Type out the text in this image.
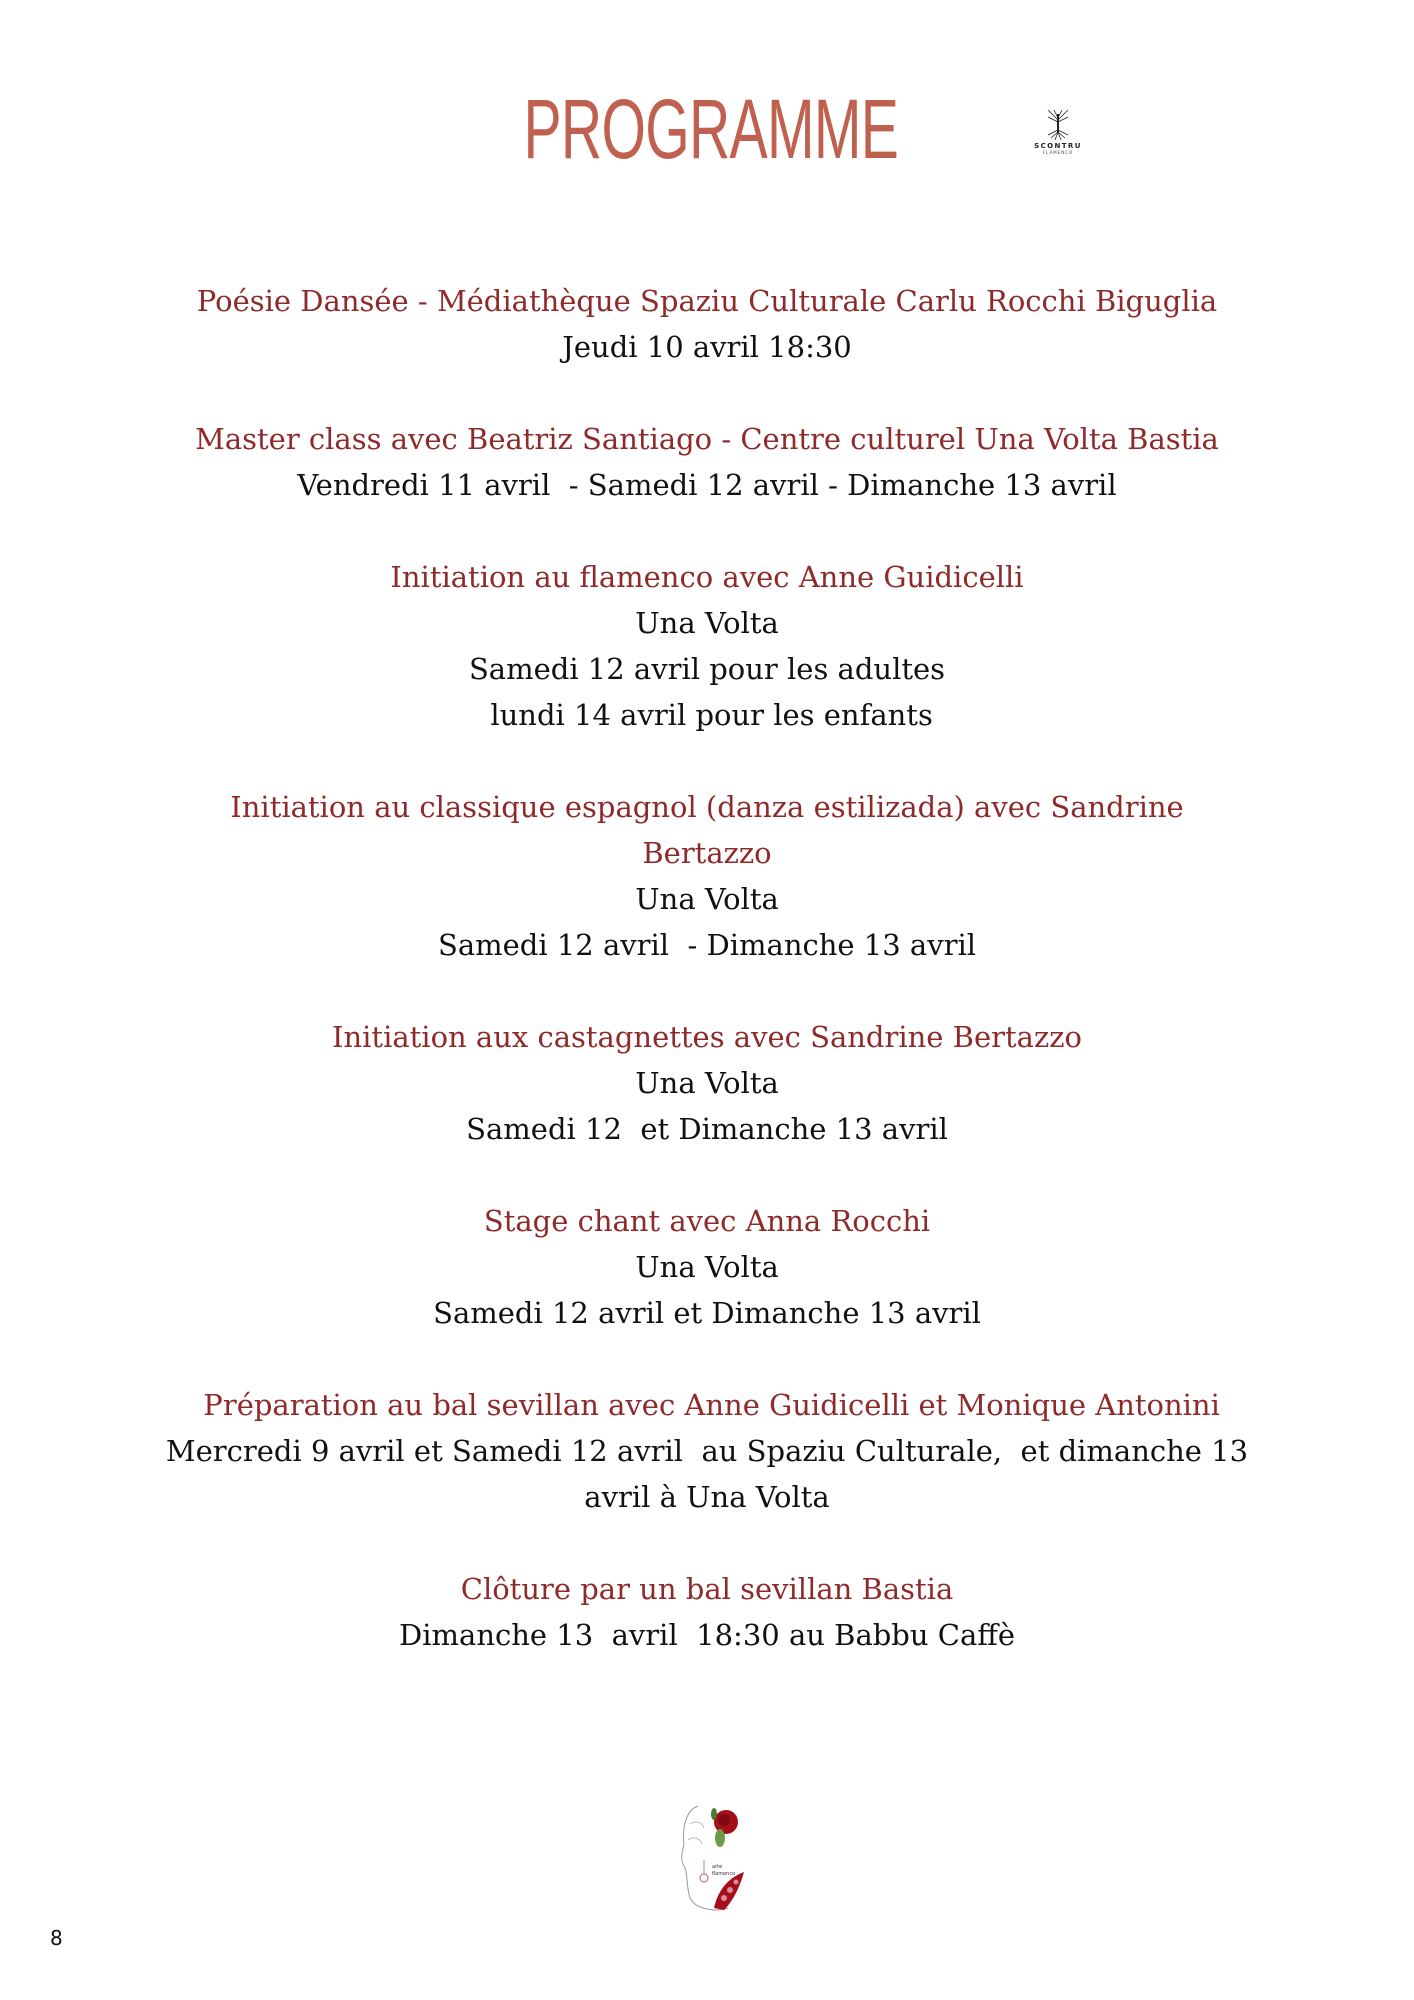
PROGRAMME	SCONTRU
FLAMENCO
Poésie Dansée - Médiathèque Spaziu Culturale Carlu Rocchi Biguglia
Jeudi 10 avril 18:30
Master class avec Beatriz Santiago - Centre culturel Una Volta Bastia
Vendredi 11 avril  - Samedi 12 avril - Dimanche 13 avril
Initiation au flamenco avec Anne Guidicelli
Una Volta
Samedi 12 avril pour les adultes
lundi 14 avril pour les enfants
Initiation au classique espagnol (danza estilizada) avec Sandrine
Bertazzo
Una Volta
Samedi 12 avril  - Dimanche 13 avril
Initiation aux castagnettes avec Sandrine Bertazzo
Una Volta
Samedi 12  et Dimanche 13 avril
Stage chant avec Anna Rocchi
Una Volta
Samedi 12 avril et Dimanche 13 avril
Préparation au bal sevillan avec Anne Guidicelli et Monique Antonini
Mercredi 9 avril et Samedi 12 avril  au Spaziu Culturale,  et dimanche 13
avril à Una Volta
Clôture par un bal sevillan Bastia
Dimanche 13  avril  18:30 au Babbu Caffè
arte
flamenco
8
